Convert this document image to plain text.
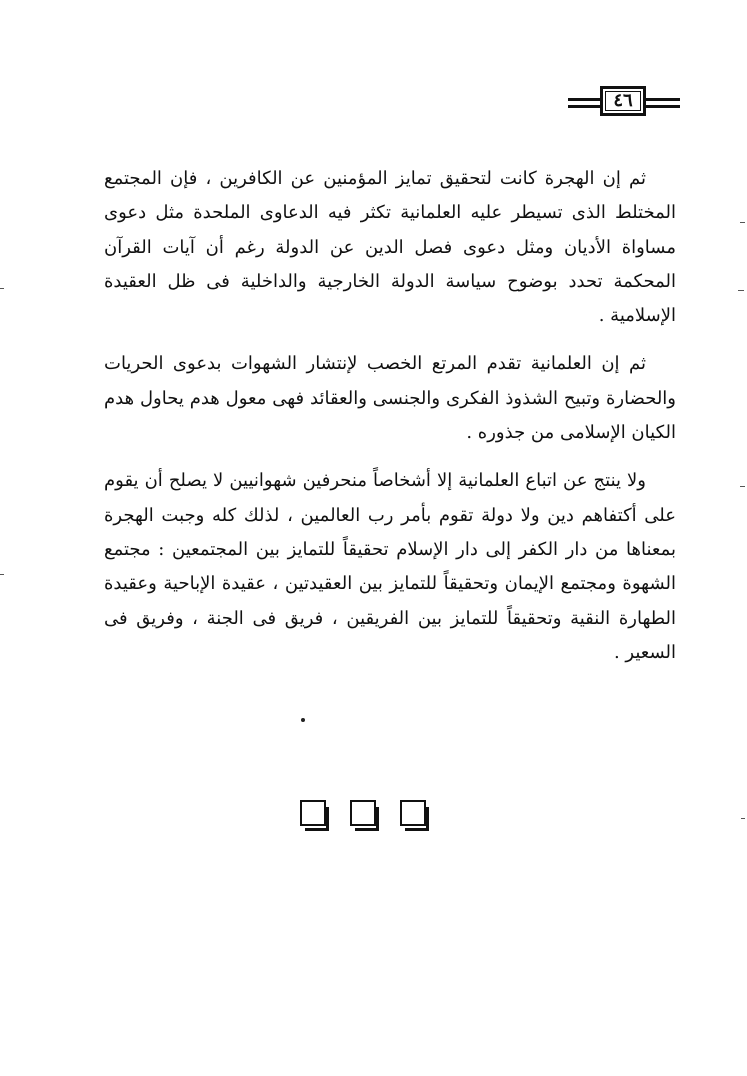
٤٦

ثم إن الهجرة كانت لتحقيق تمايز المؤمنين عن الكافرين ، فإن المجتمع المختلط الذى تسيطر عليه العلمانية تكثر فيه الدعاوى الملحدة مثل دعوى مساواة الأديان ومثل دعوى فصل الدين عن الدولة رغم أن آيات القرآن المحكمة تحدد بوضوح سياسة الدولة الخارجية والداخلية فى ظل العقيدة الإسلامية .

ثم إن العلمانية تقدم المرتع الخصب لإنتشار الشهوات بدعوى الحريات والحضارة وتبيح الشذوذ الفكرى والجنسى والعقائد فهى معول هدم يحاول هدم الكيان الإسلامى من جذوره .

ولا ينتج عن اتباع العلمانية إلا أشخاصاً منحرفين شهوانيين لا يصلح أن يقوم على أكتفاهم دين ولا دولة تقوم بأمر رب العالمين ، لذلك كله وجبت الهجرة بمعناها من دار الكفر إلى دار الإسلام تحقيقاً للتمايز بين المجتمعين : مجتمع الشهوة ومجتمع الإيمان وتحقيقاً للتمايز بين العقيدتين ، عقيدة الإباحية وعقيدة الطهارة النقية وتحقيقاً للتمايز بين الفريقين ، فريق فى الجنة ، وفريق فى السعير .
